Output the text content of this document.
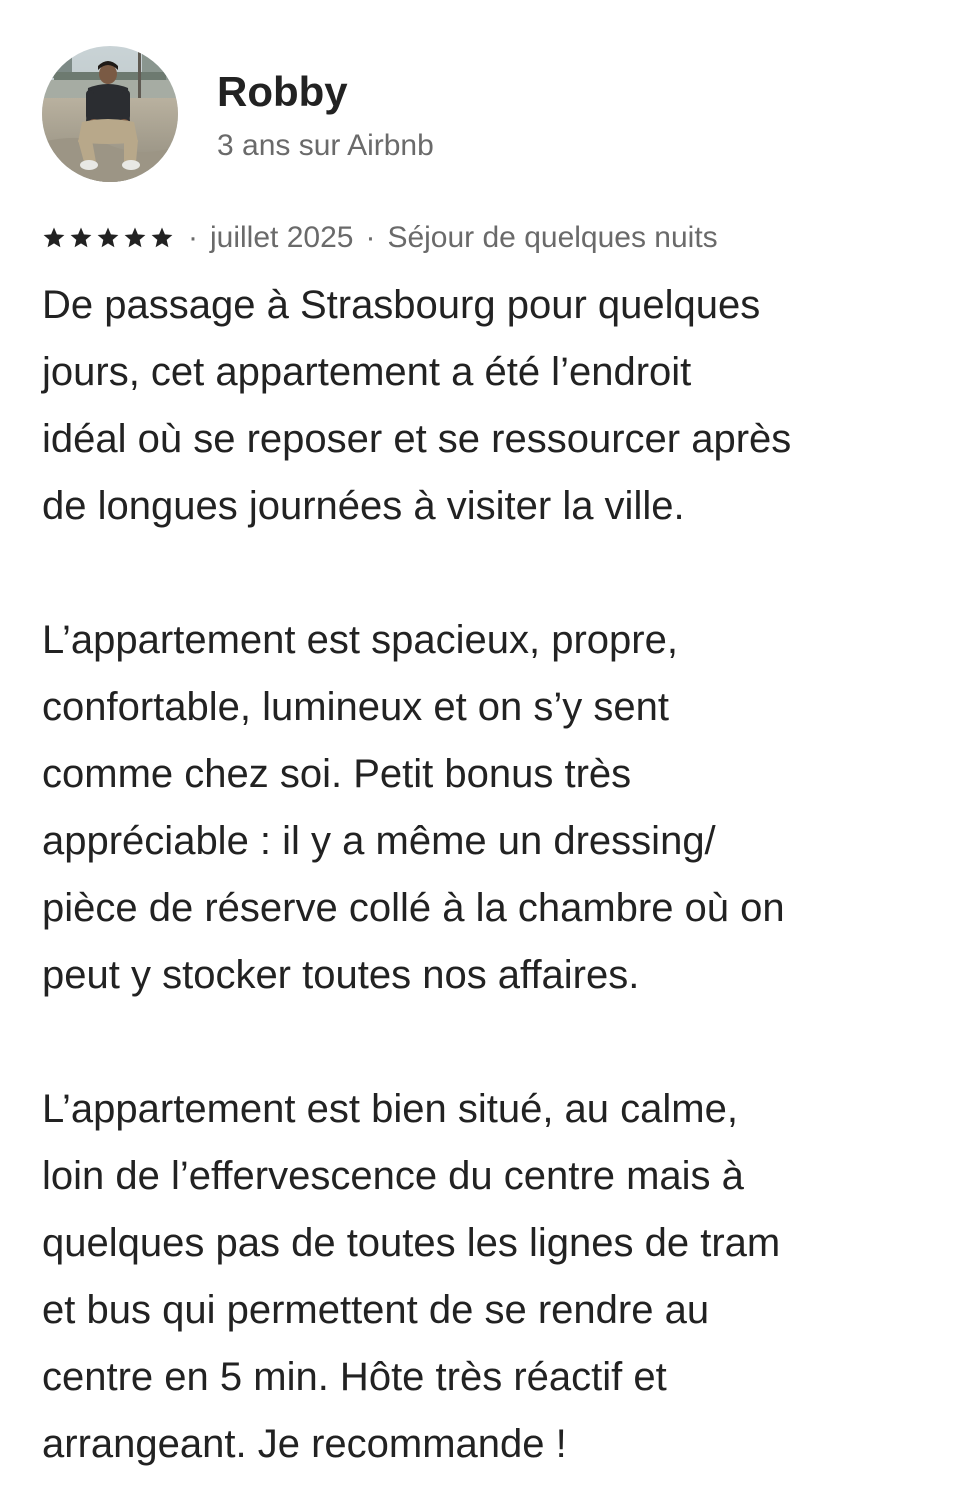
Robby
3 ans sur Airbnb
· juillet 2025 · Séjour de quelques nuits

De passage à Strasbourg pour quelques
jours, cet appartement a été l’endroit
idéal où se reposer et se ressourcer après
de longues journées à visiter la ville.

L’appartement est spacieux, propre,
confortable, lumineux et on s’y sent
comme chez soi. Petit bonus très
appréciable : il y a même un dressing/
pièce de réserve collé à la chambre où on
peut y stocker toutes nos affaires.

L’appartement est bien situé, au calme,
loin de l’effervescence du centre mais à
quelques pas de toutes les lignes de tram
et bus qui permettent de se rendre au
centre en 5 min. Hôte très réactif et
arrangeant. Je recommande !
